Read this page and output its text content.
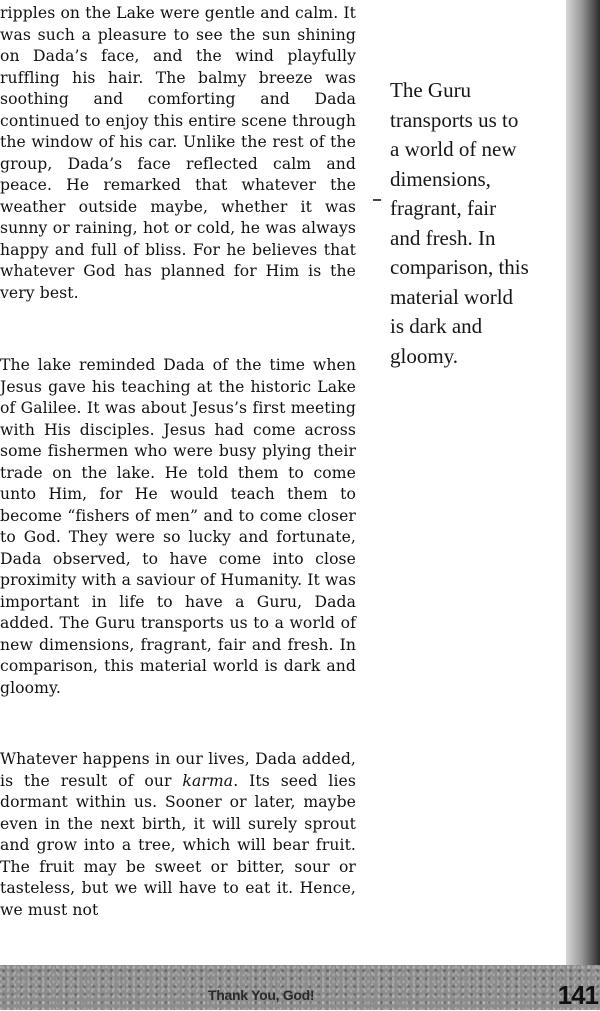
ripples on the Lake were gentle and calm. It was such a pleasure to see the sun shining on Dada’s face, and the wind playfully ruffling his hair. The balmy breeze was soothing and comforting and Dada continued to enjoy this entire scene through the window of his car. Unlike the rest of the group, Dada’s face reflected calm and peace. He remarked that whatever the weather outside maybe, whether it was sunny or raining, hot or cold, he was always happy and full of bliss. For he believes that whatever God has planned for Him is the very best.

The lake reminded Dada of the time when Jesus gave his teaching at the historic Lake of Galilee. It was about Jesus’s first meeting with His disciples. Jesus had come across some fishermen who were busy plying their trade on the lake. He told them to come unto Him, for He would teach them to become “fishers of men” and to come closer to God. They were so lucky and fortunate, Dada observed, to have come into close proximity with a saviour of Humanity. It was important in life to have a Guru, Dada added. The Guru transports us to a world of new dimensions, fragrant, fair and fresh. In comparison, this material world is dark and gloomy.

Whatever happens in our lives, Dada added, is the result of our karma. Its seed lies dormant within us. Sooner or later, maybe even in the next birth, it will surely sprout and grow into a tree, which will bear fruit. The fruit may be sweet or bitter, sour or tasteless, but we will have to eat it. Hence, we must not

The Guru transports us to a world of new dimensions, fragrant, fair and fresh. In comparison, this material world is dark and gloomy.
Thank You, God!	141
